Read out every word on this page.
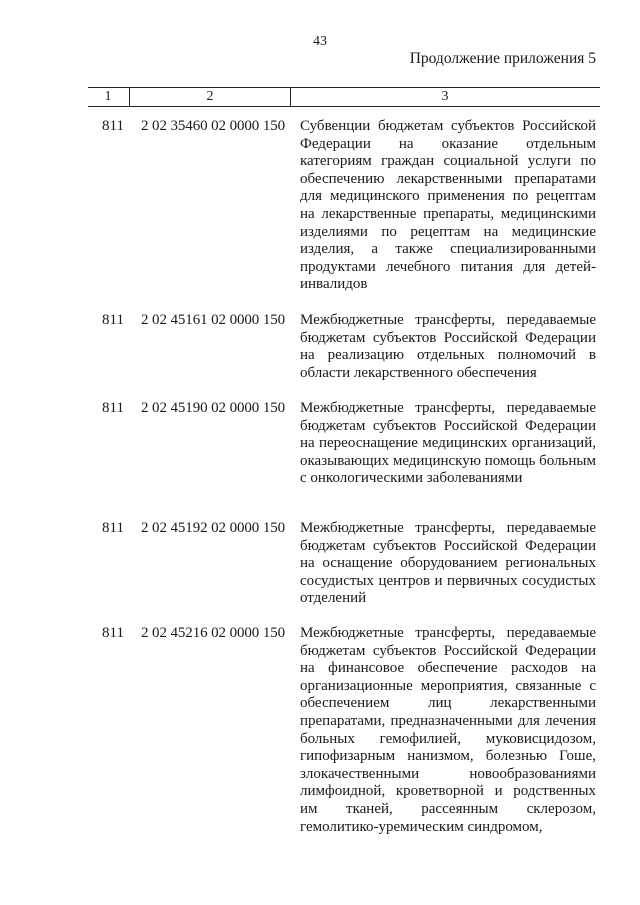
43
Продолжение приложения 5
1	2	3
811 2 02 35460 02 0000 150 Субвенции бюджетам субъектов Российской Федерации на оказание отдельным категориям граждан социальной услуги по обеспечению лекарственными препаратами для медицинского применения по рецептам на лекарственные препараты, медицинскими изделиями по рецептам на медицинские изделия, а также специализированными продуктами лечебного питания для детей-инвалидов
811 2 02 45161 02 0000 150 Межбюджетные трансферты, передаваемые бюджетам субъектов Российской Федерации на реализацию отдельных полномочий в области лекарственного обеспечения
811 2 02 45190 02 0000 150 Межбюджетные трансферты, передаваемые бюджетам субъектов Российской Федерации на переоснащение медицинских организаций, оказывающих медицинскую помощь больным с онкологическими заболеваниями
811 2 02 45192 02 0000 150 Межбюджетные трансферты, передаваемые бюджетам субъектов Российской Федерации на оснащение оборудованием региональных сосудистых центров и первичных сосудистых отделений
811 2 02 45216 02 0000 150 Межбюджетные трансферты, передаваемые бюджетам субъектов Российской Федерации на финансовое обеспечение расходов на организационные мероприятия, связанные с обеспечением лиц лекарственными препаратами, предназначенными для лечения больных гемофилией, муковисцидозом, гипофизарным нанизмом, болезнью Гоше, злокачественными новообразованиями лимфоидной, кроветворной и родственных им тканей, рассеянным склерозом, гемолитико-уремическим синдромом,
